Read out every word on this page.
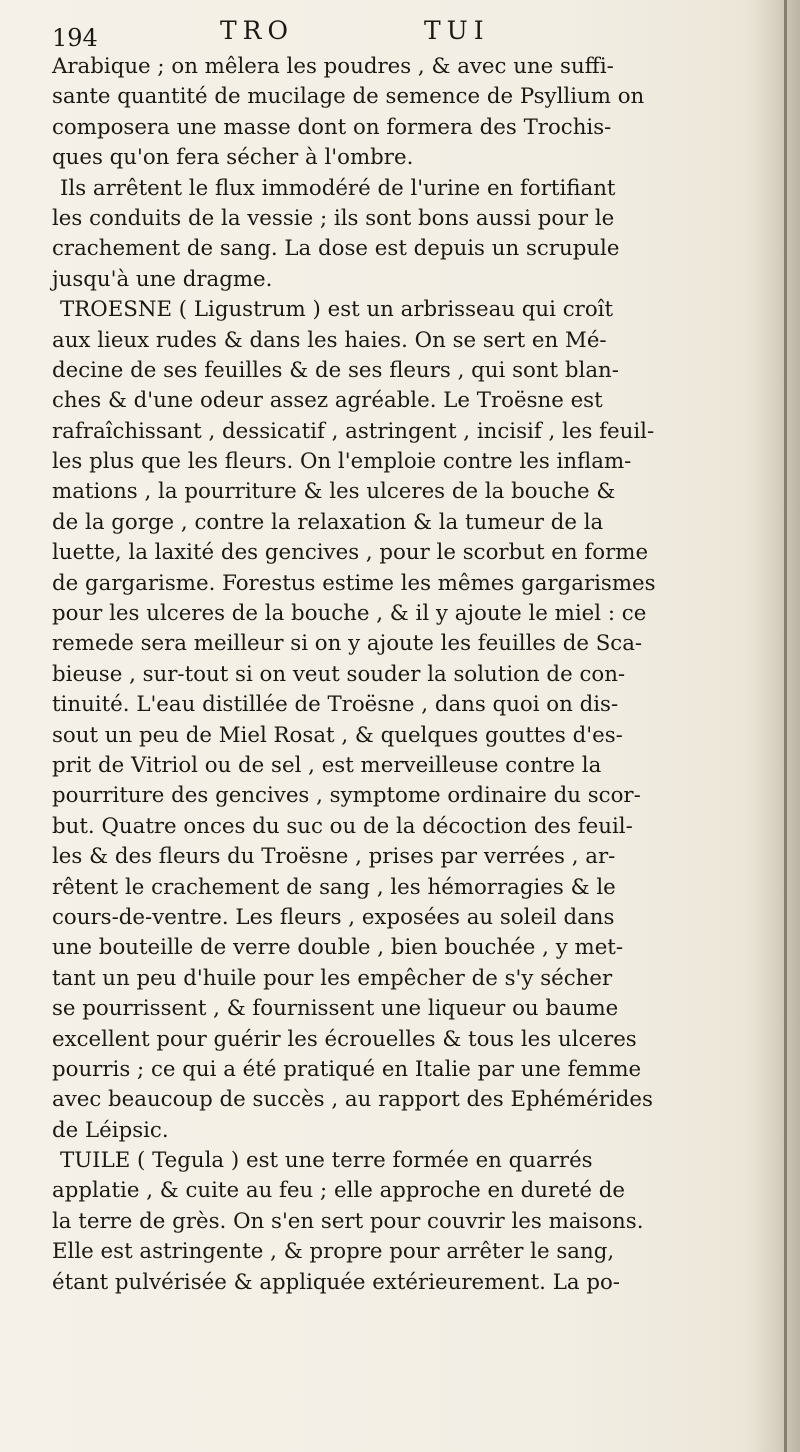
194	TRO	TUI
Arabique ; on mêlera les poudres , & avec une suffi-
sante quantité de mucilage de semence de Psyllium on
composera une masse dont on formera des Trochis-
ques qu'on fera sécher à l'ombre.
Ils arrêtent le flux immodéré de l'urine en fortifiant
les conduits de la vessie ; ils sont bons aussi pour le
crachement de sang. La dose est depuis un scrupule
jusqu'à une dragme.
TROESNE ( Ligustrum ) est un arbrisseau qui croît
aux lieux rudes & dans les haies. On se sert en Mé-
decine de ses feuilles & de ses fleurs , qui sont blan-
ches & d'une odeur assez agréable. Le Troësne est
rafraîchissant , dessicatif , astringent , incisif , les feuil-
les plus que les fleurs. On l'emploie contre les inflam-
mations , la pourriture & les ulceres de la bouche &
de la gorge , contre la relaxation & la tumeur de la
luette, la laxité des gencives , pour le scorbut en forme
de gargarisme. Forestus estime les mêmes gargarismes
pour les ulceres de la bouche , & il y ajoute le miel : ce
remede sera meilleur si on y ajoute les feuilles de Sca-
bieuse , sur-tout si on veut souder la solution de con-
tinuité. L'eau distillée de Troësne , dans quoi on dis-
sout un peu de Miel Rosat , & quelques gouttes d'es-
prit de Vitriol ou de sel , est merveilleuse contre la
pourriture des gencives , symptome ordinaire du scor-
but. Quatre onces du suc ou de la décoction des feuil-
les & des fleurs du Troësne , prises par verrées , ar-
rêtent le crachement de sang , les hémorragies & le
cours-de-ventre. Les fleurs , exposées au soleil dans
une bouteille de verre double , bien bouchée , y met-
tant un peu d'huile pour les empêcher de s'y sécher
se pourrissent , & fournissent une liqueur ou baume
excellent pour guérir les écrouelles & tous les ulceres
pourris ; ce qui a été pratiqué en Italie par une femme
avec beaucoup de succès , au rapport des Ephémérides
de Léipsic.
TUILE ( Tegula ) est une terre formée en quarrés
applatie , & cuite au feu ; elle approche en dureté de
la terre de grès. On s'en sert pour couvrir les maisons.
Elle est astringente , & propre pour arrêter le sang,
étant pulvérisée & appliquée extérieurement. La po-
